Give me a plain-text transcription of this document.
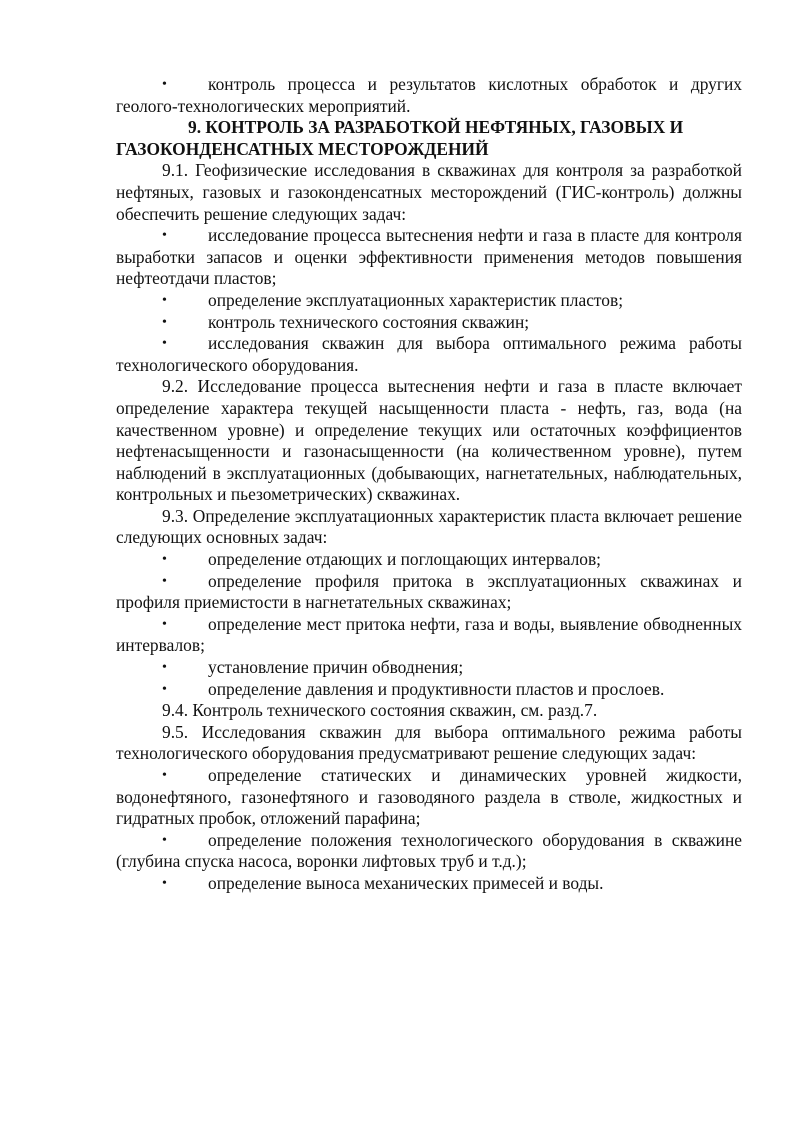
• контроль процесса и результатов кислотных обработок и других геолого-технологических мероприятий.

9. КОНТРОЛЬ ЗА РАЗРАБОТКОЙ НЕФТЯНЫХ, ГАЗОВЫХ И ГАЗОКОНДЕНСАТНЫХ МЕСТОРОЖДЕНИЙ

9.1. Геофизические исследования в скважинах для контроля за разработкой нефтяных, газовых и газоконденсатных месторождений (ГИС-контроль) должны обеспечить решение следующих задач:

• исследование процесса вытеснения нефти и газа в пласте для контроля выработки запасов и оценки эффективности применения методов повышения нефтеотдачи пластов;

• определение эксплуатационных характеристик пластов;

• контроль технического состояния скважин;

• исследования скважин для выбора оптимального режима работы технологического оборудования.

9.2. Исследование процесса вытеснения нефти и газа в пласте включает определение характера текущей насыщенности пласта - нефть, газ, вода (на качественном уровне) и определение текущих или остаточных коэффициентов нефтенасыщенности и газонасыщенности (на количественном уровне), путем наблюдений в эксплуатационных (добывающих, нагнетательных, наблюдательных, контрольных и пьезометрических) скважинах.

9.3. Определение эксплуатационных характеристик пласта включает решение следующих основных задач:

• определение отдающих и поглощающих интервалов;

• определение профиля притока в эксплуатационных скважинах и профиля приемистости в нагнетательных скважинах;

• определение мест притока нефти, газа и воды, выявление обводненных интервалов;

• установление причин обводнения;

• определение давления и продуктивности пластов и прослоев.

9.4. Контроль технического состояния скважин, см. разд.7.

9.5. Исследования скважин для выбора оптимального режима работы технологического оборудования предусматривают решение следующих задач:

• определение статических и динамических уровней жидкости, водонефтяного, газонефтяного и газоводяного раздела в стволе, жидкостных и гидратных пробок, отложений парафина;

• определение положения технологического оборудования в скважине (глубина спуска насоса, воронки лифтовых труб и т.д.);

• определение выноса механических примесей и воды.
